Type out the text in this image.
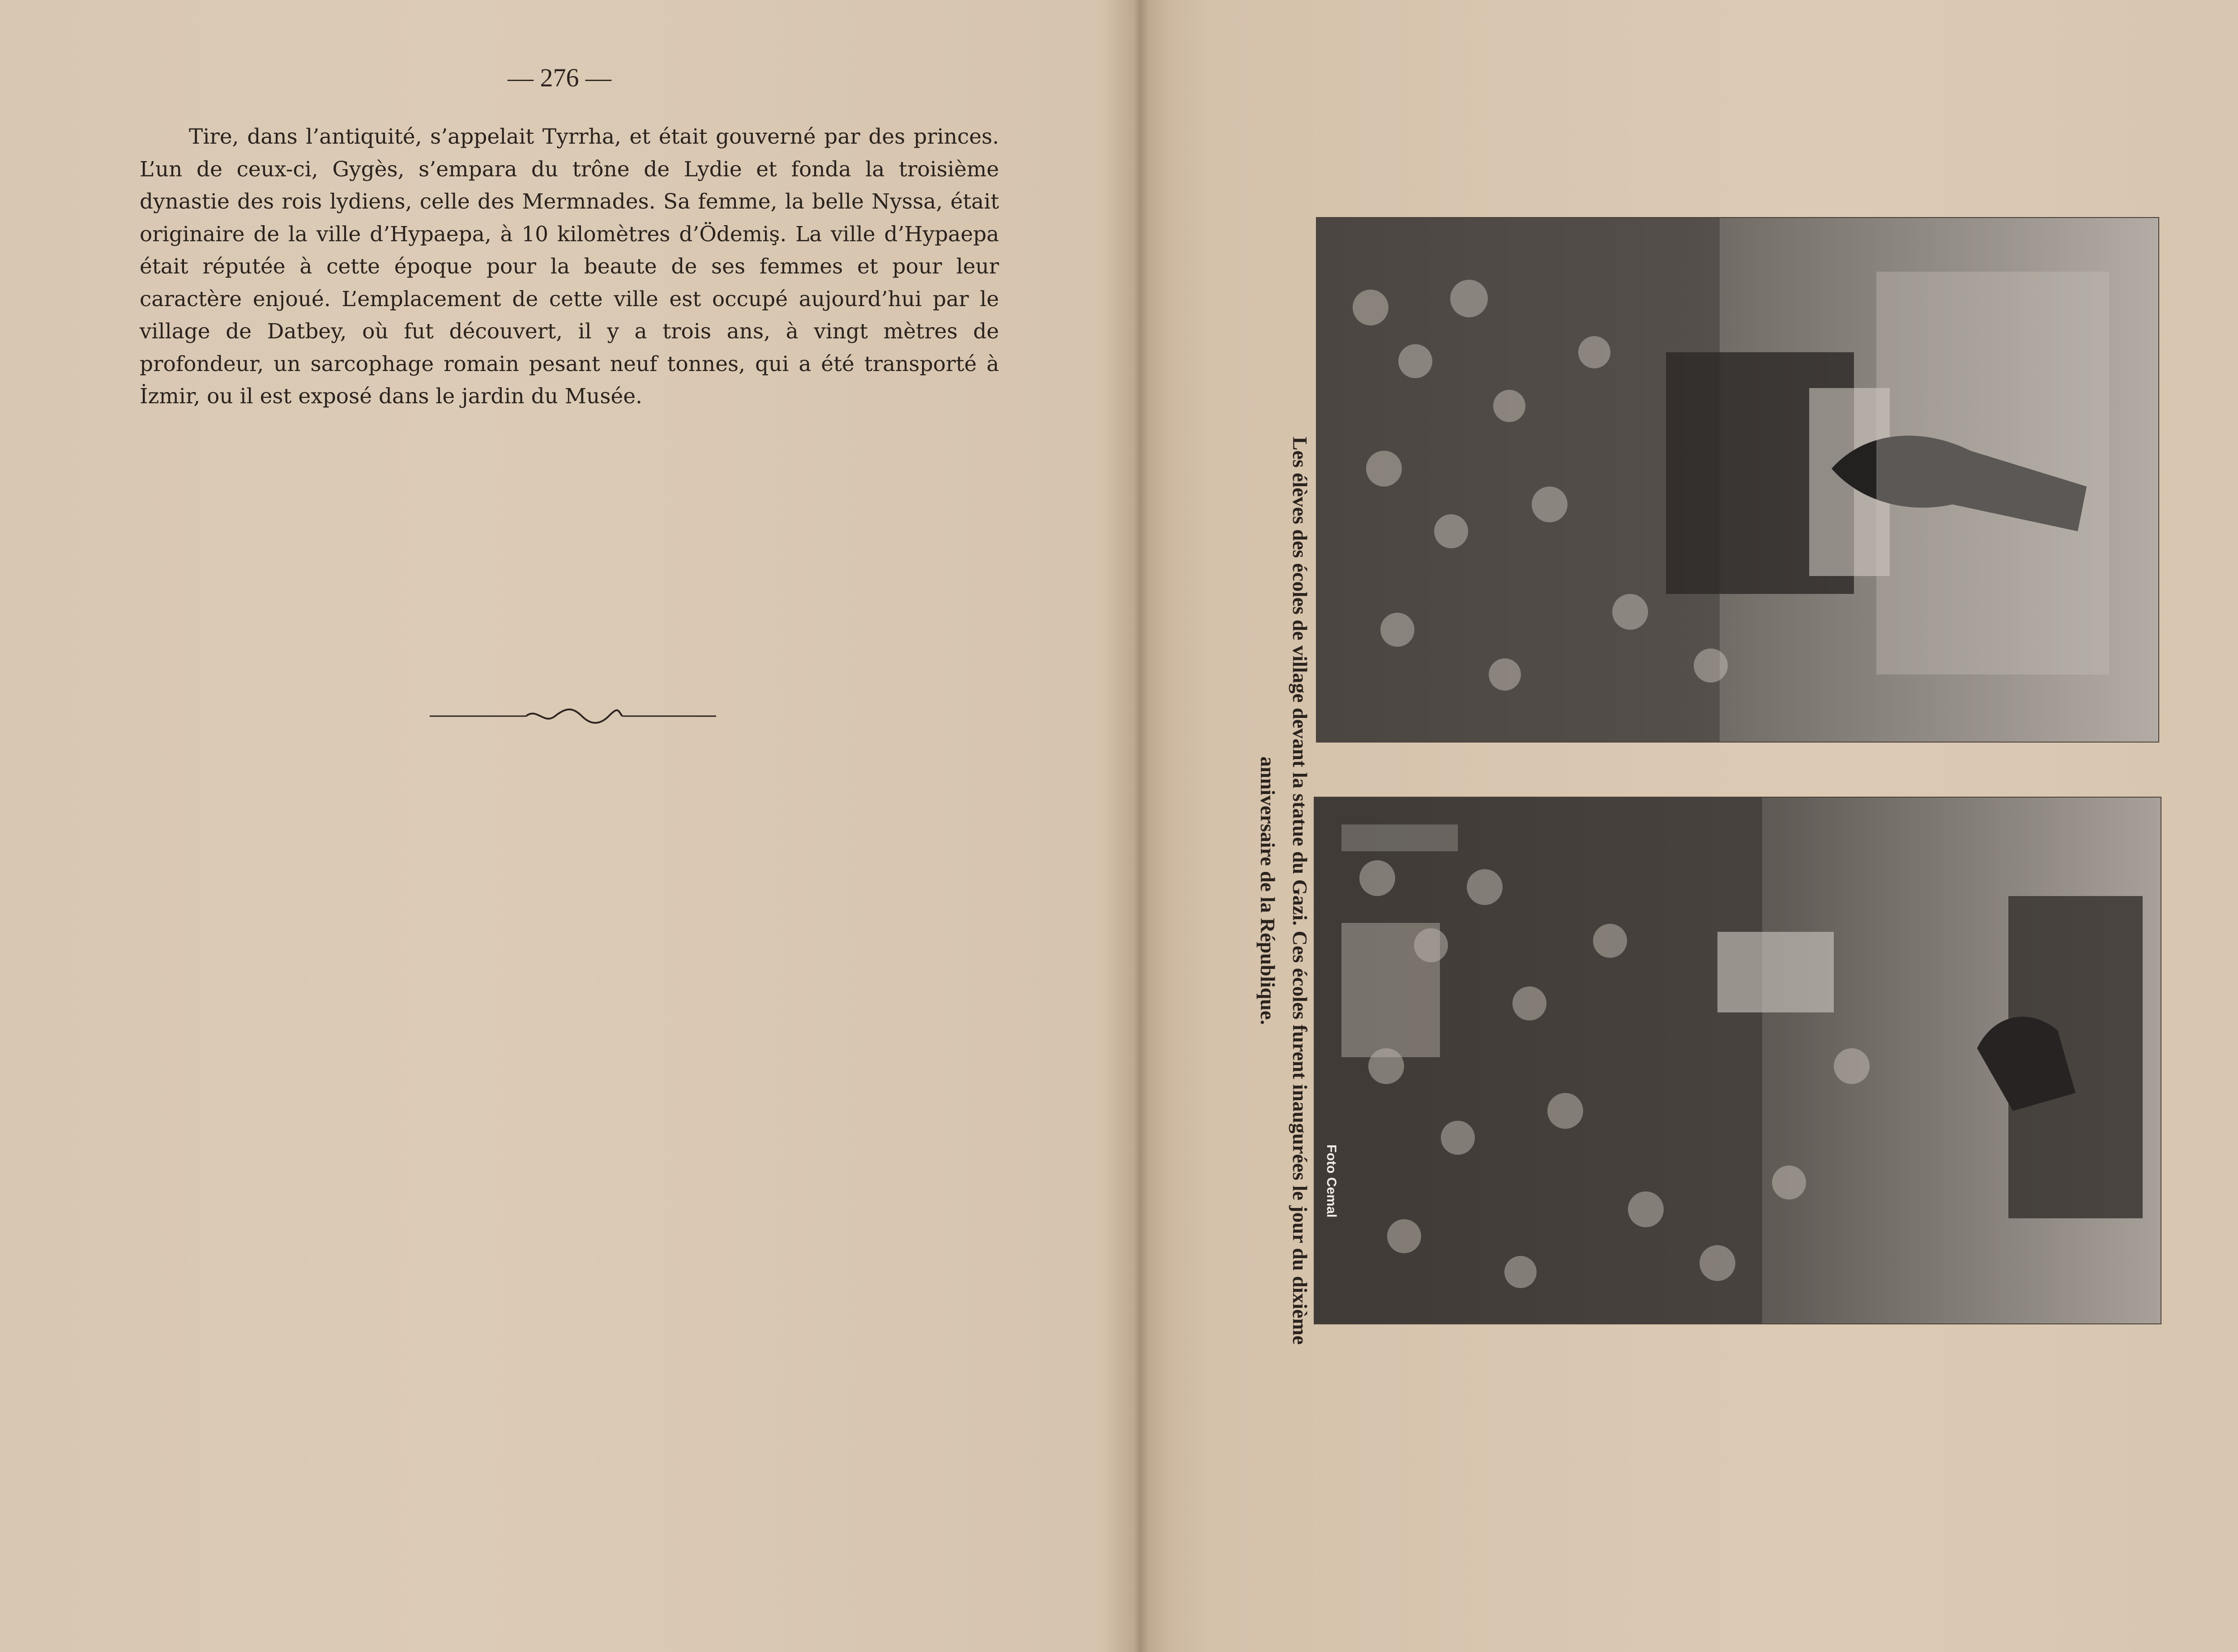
— 276 —
Tire, dans l’antiquité, s’appelait Tyrrha, et était gouverné par des princes. L’un de ceux-ci, Gygès, s’empara du trône de Lydie et fonda la troisième dynastie des rois lydiens, celle des Mermnades. Sa femme, la belle Nyssa, était originaire de la ville d’Hypaepa, à 10 kilomètres d’Ödemiş. La ville d’Hypaepa était réputée à cette époque pour la beaute de ses femmes et pour leur caractère enjoué. L’emplacement de cette ville est occupé aujourd’hui par le village de Datbey, où fut découvert, il y a trois ans, à vingt mètres de profondeur, un sarcophage romain pesant neuf tonnes, qui a été transporté à İzmir, ou il est exposé dans le jardin du Musée.
Les élèves des écoles de village devant la statue du Gazi. Ces écoles furent inaugurées le jour du dixième anniversaire de la République.
Foto Cemal
